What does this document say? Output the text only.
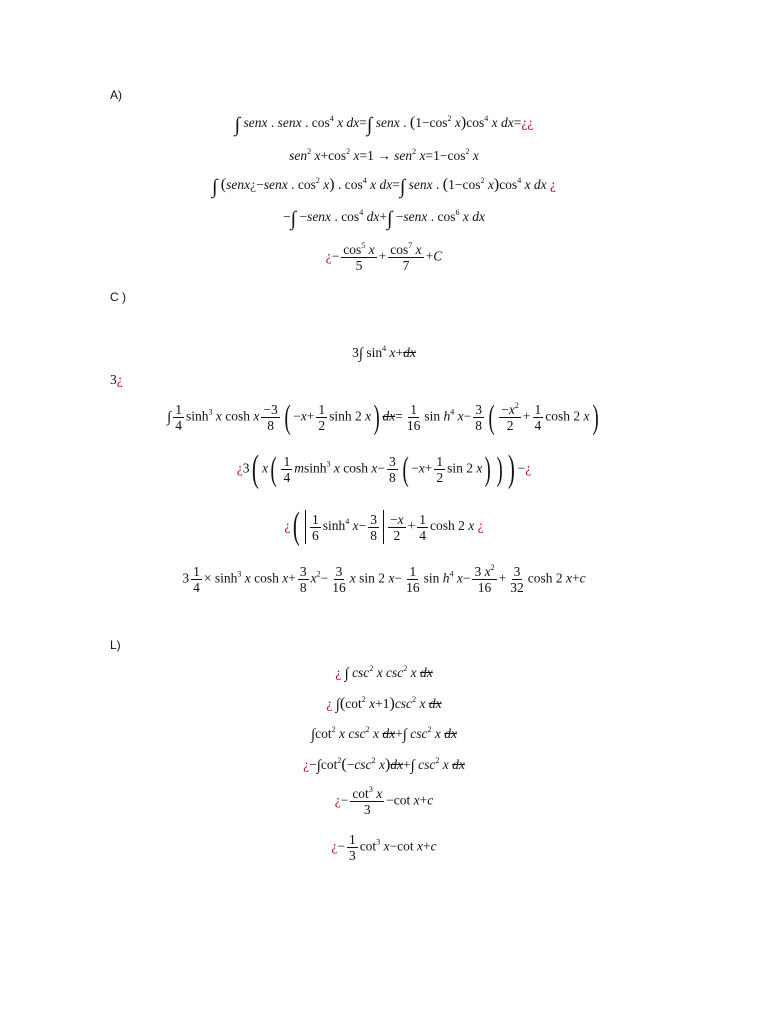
A)
∫ senx . senx . $\cos^4 x$ dx=∫ senx . ($1-\cos^2$ $x)\cos^4$ x dx=¿¿
sen$^2$ $x+\cos^2$ x=1 → sen$^2$ $x=1-\cos^2$ x
∫ (senx¿−senx . $\cos^2 x$) . $\cos^4 x$ dx=∫ senx . ($1-\cos^2$ $x)\cos^4$ x dx ¿
−∫ −senx . $\cos^4 dx+\int$ −senx . $\cos^6 x$ dx
¿− $\frac{\cos^5 x}{5} + \frac{\cos^7 x}{7} +C$
C )
3∫ $\sin^4 x+dx$
3¿
∫ $\frac{1}{4} \sinh^3 x$ cosh x $\frac{-3}{8}$ ( $-x+ \frac{1}{2}$ sinh 2 x) $dx= \frac{1}{16}$ $\sin h^4$ $x- \frac{3}{8}$ ( $\frac{-x^2}{2} + \frac{1}{4}$ cosh 2 x)
¿3( $x( \frac{1}{4} msinh^3$ x $\cosh x- \frac{3}{8}$ ( $-x+ \frac{1}{2}$ sin 2 x) ) ) −¿
¿( $\frac{1}{6} \sinh^4 x- \frac{3}{8} \frac{-x}{2} + \frac{1}{4}$ cosh 2 x ¿
$3 \frac{1}{4} \times \sinh^3 x$ $\cosh x+ \frac{3}{8} x^2- \frac{3}{16}$ x sin 2 $x- \frac{1}{16}$ $\sin h^4$ $x- \frac{3 x^2}{16} + \frac{3}{32}$ cosh 2 x+c
L)
¿ ∫ $\csc^2 x$ $\csc^2 x$ dx
¿ $\int(\cot^2$ $x+1)\csc^2$ x dx
$\int\cot^2$ x $\csc^2 x$ dx+∫ $\csc^2 x$ dx
¿$-\int\cot^2(-\csc^2$ x)dx+∫ $\csc^2 x$ dx
¿− $\frac{\cot^3 x}{3} -\cot$ x+c
¿− $\frac{1}{3} \cot^3 x-\cot$ x+c
